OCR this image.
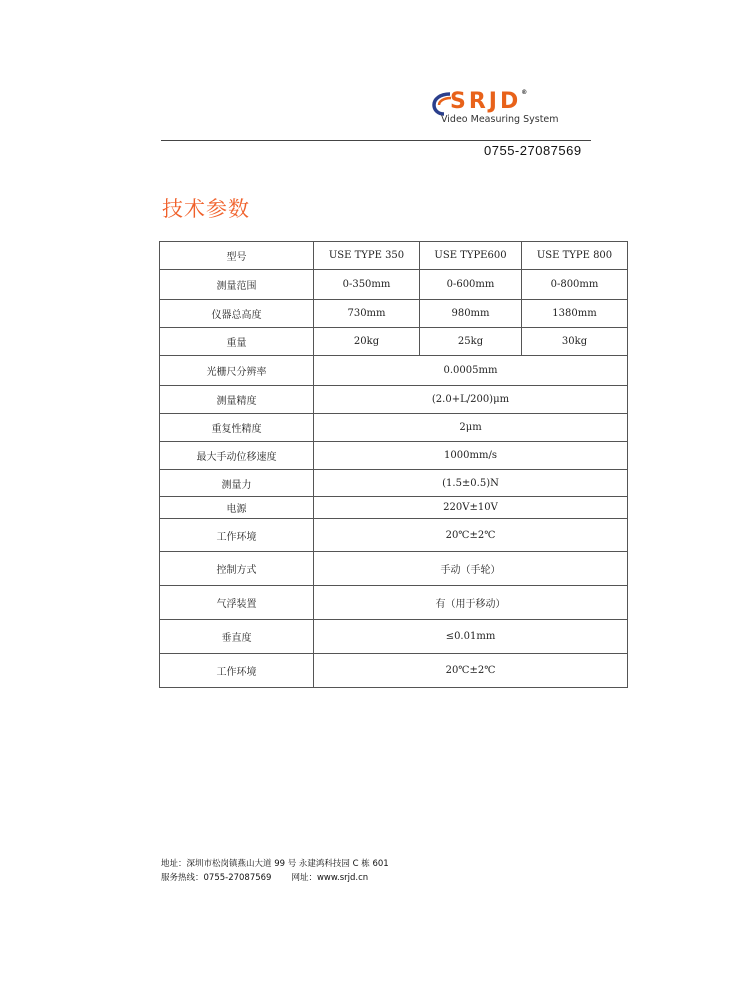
SRJD®
Video Measuring System
0755-27087569
技术参数
型号	USE TYPE 350	USE TYPE600	USE TYPE 800
测量范围	0-350mm	0-600mm	0-800mm
仪器总高度	730mm	980mm	1380mm
重量	20kg	25kg	30kg
光栅尺分辨率	0.0005mm		
测量精度	(2.0+L/200)μm		
重复性精度	2μm		
最大手动位移速度	1000mm/s		
测量力	(1.5±0.5)N		
电源	220V±10V		
工作环境	20℃±2℃		
控制方式	手动（手轮）		
气浮装置	有（用于移动）		
垂直度	≤0.01mm		
工作环境	20℃±2℃		
地址：深圳市松岗镇燕山大道 99 号 永建鸿科技园 C 栋 601
服务热线：0755-27087569 网址：www.srjd.cn
